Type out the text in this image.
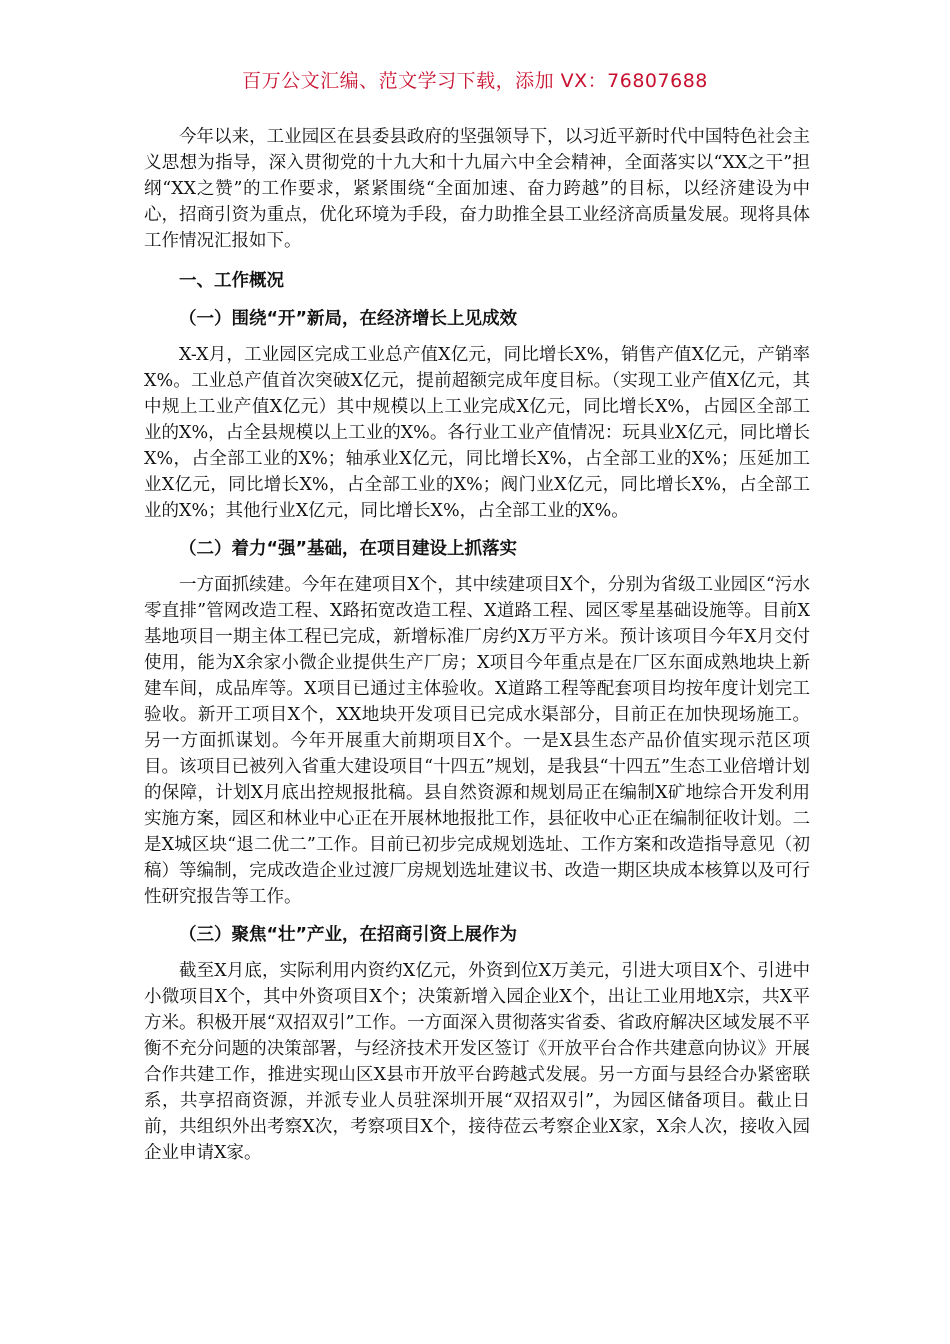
百万公文汇编、范文学习下载，添加 VX：76807688

今年以来，工业园区在县委县政府的坚强领导下，以习近平新时代中国特色社会主义思想为指导，深入贯彻党的十九大和十九届六中全会精神，全面落实以“XX之干”担纲“XX之赞”的工作要求，紧紧围绕“全面加速、奋力跨越”的目标，以经济建设为中心，招商引资为重点，优化环境为手段，奋力助推全县工业经济高质量发展。现将具体工作情况汇报如下。

一、工作概况
（一）围绕“开”新局，在经济增长上见成效

X-X月，工业园区完成工业总产值X亿元，同比增长X%，销售产值X亿元，产销率X%。工业总产值首次突破X亿元，提前超额完成年度目标。（实现工业产值X亿元，其中规上工业产值X亿元）其中规模以上工业完成X亿元，同比增长X%，占园区全部工业的X%，占全县规模以上工业的X%。各行业工业产值情况：玩具业X亿元，同比增长X%，占全部工业的X%；轴承业X亿元，同比增长X%，占全部工业的X%；压延加工业X亿元，同比增长X%，占全部工业的X%；阀门业X亿元，同比增长X%，占全部工业的X%；其他行业X亿元，同比增长X%，占全部工业的X%。

（二）着力“强”基础，在项目建设上抓落实

一方面抓续建。今年在建项目X个，其中续建项目X个，分别为省级工业园区“污水零直排”管网改造工程、X路拓宽改造工程、X道路工程、园区零星基础设施等。目前X基地项目一期主体工程已完成，新增标准厂房约X万平方米。预计该项目今年X月交付使用，能为X余家小微企业提供生产厂房；X项目今年重点是在厂区东面成熟地块上新建车间，成品库等。X项目已通过主体验收。X道路工程等配套项目均按年度计划完工验收。新开工项目X个，XX地块开发项目已完成水渠部分，目前正在加快现场施工。另一方面抓谋划。今年开展重大前期项目X个。一是X县生态产品价值实现示范区项目。该项目已被列入省重大建设项目“十四五”规划，是我县“十四五”生态工业倍增计划的保障，计划X月底出控规报批稿。县自然资源和规划局正在编制X矿地综合开发利用实施方案，园区和林业中心正在开展林地报批工作，县征收中心正在编制征收计划。二是X城区块“退二优二”工作。目前已初步完成规划选址、工作方案和改造指导意见（初稿）等编制，完成改造企业过渡厂房规划选址建议书、改造一期区块成本核算以及可行性研究报告等工作。

（三）聚焦“壮”产业，在招商引资上展作为

截至X月底，实际利用内资约X亿元，外资到位X万美元，引进大项目X个、引进中小微项目X个，其中外资项目X个；决策新增入园企业X个，出让工业用地X宗，共X平方米。积极开展“双招双引”工作。一方面深入贯彻落实省委、省政府解决区域发展不平衡不充分问题的决策部署，与经济技术开发区签订《开放平台合作共建意向协议》开展合作共建工作，推进实现山区X县市开放平台跨越式发展。另一方面与县经合办紧密联系，共享招商资源，并派专业人员驻深圳开展“双招双引”，为园区储备项目。截止日前，共组织外出考察X次，考察项目X个，接待莅云考察企业X家，X余人次，接收入园企业申请X家。
